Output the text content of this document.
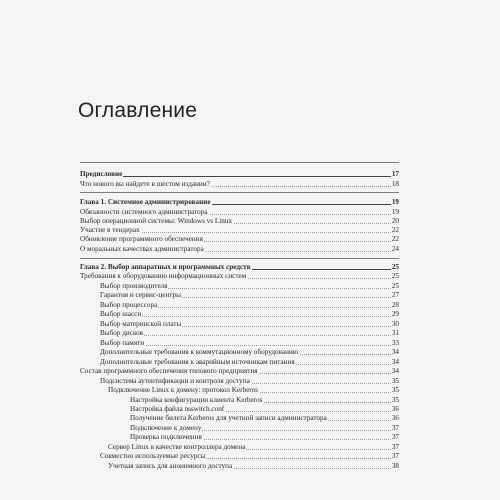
Оглавление
Предисловие	17
Что нового вы найдете в шестом издании?	18
Глава 1. Системное администрирование	19
Обязанности системного администратора	19
Выбор операционной системы: Windows vs Linux	20
Участие в тендерах	22
Обновление программного обеспечения	22
О моральных качествах администратора	24
Глава 2. Выбор аппаратных и программных средств	25
Требования к оборудованию информационных систем	25
Выбор производителя	25
Гарантия и сервис-центры	27
Выбор процессора	28
Выбор шасси	29
Выбор материнской платы	30
Выбор дисков	31
Выбор памяти	33
Дополнительные требования к коммутационному оборудованию	34
Дополнительные требования к аварийным источникам питания	34
Состав программного обеспечения типового предприятия	34
Подсистема аутентификации и контроля доступа	35
Подключение Linux к домену: протокол Kerberos	35
Настройка конфигурации клиента Kerberos	35
Настройка файла nsswitch.conf	36
Получение билета Kerberos для учетной записи администратора	36
Подключение к домену	37
Проверка подключения	37
Сервер Linux в качестве контроллера домена	37
Совместно используемые ресурсы	37
Учетная запись для анонимного доступа	38
